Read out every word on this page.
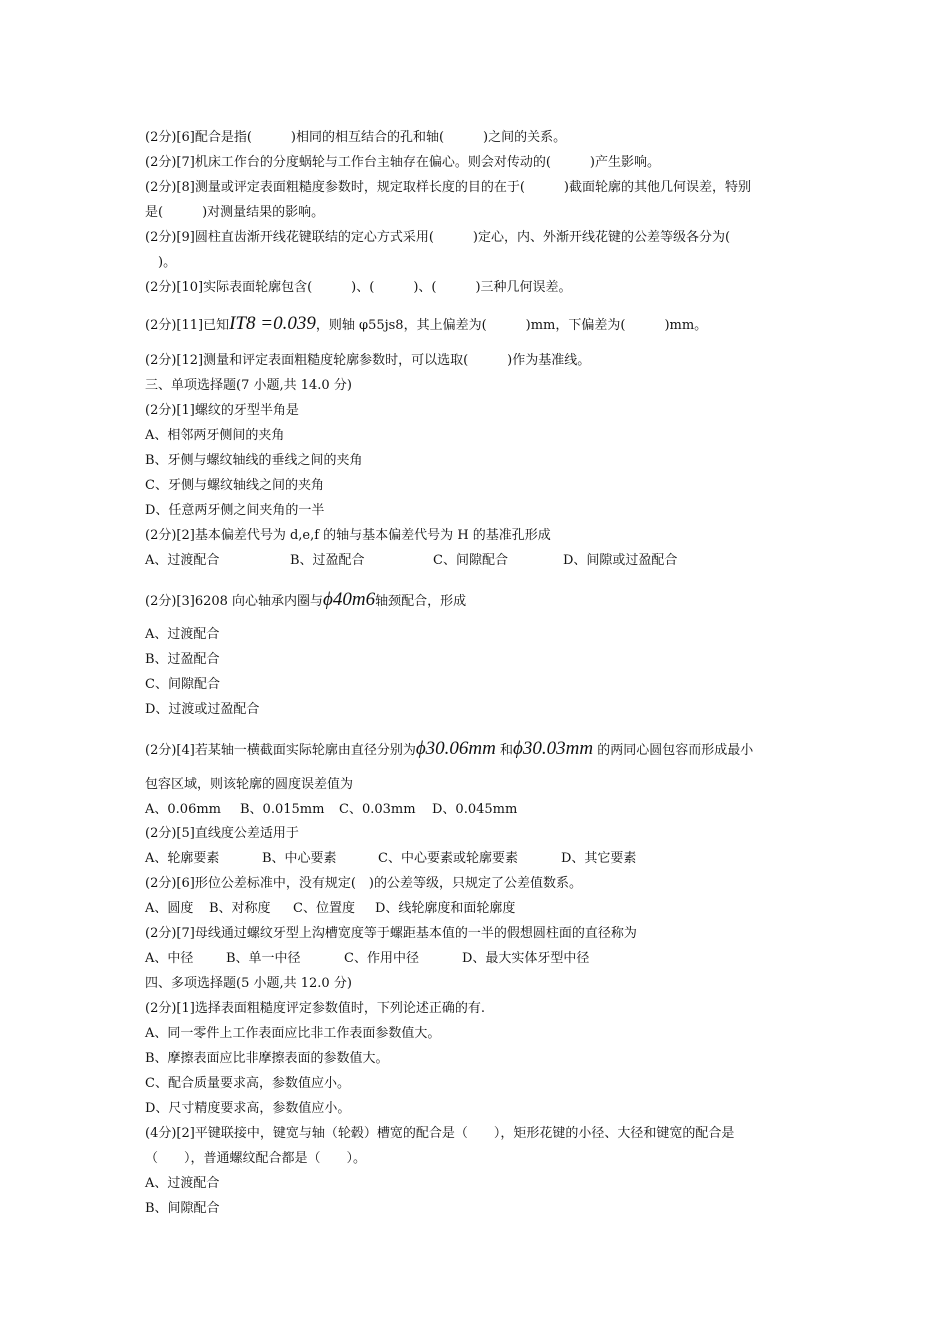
(2分)[6]配合是指(　　　)相同的相互结合的孔和轴(　　　)之间的关系。
(2分)[7]机床工作台的分度蜗轮与工作台主轴存在偏心。则会对传动的(　　　)产生影响。
(2分)[8]测量或评定表面粗糙度参数时，规定取样长度的目的在于(　　　)截面轮廓的其他几何误差，特别
是(　　　)对测量结果的影响。
(2分)[9]圆柱直齿渐开线花键联结的定心方式采用(　　　)定心，内、外渐开线花键的公差等级各分为(
　)。
(2分)[10]实际表面轮廓包含(　　　)、(　　　)、(　　　)三种几何误差。
(2分)[11]已知IT8 =0.039，则轴 φ55js8，其上偏差为(　　　)mm，下偏差为(　　　)mm。
(2分)[12]测量和评定表面粗糙度轮廓参数时，可以选取(　　　)作为基准线。
三、单项选择题(7 小题,共 14.0 分)
(2分)[1]螺纹的牙型半角是
A、相邻两牙侧间的夹角
B、牙侧与螺纹轴线的垂线之间的夹角
C、牙侧与螺纹轴线之间的夹角
D、任意两牙侧之间夹角的一半
(2分)[2]基本偏差代号为 d,e,f 的轴与基本偏差代号为 H 的基准孔形成
A、过渡配合	B、过盈配合	C、间隙配合	D、间隙或过盈配合
(2分)[3]6208 向心轴承内圈与ϕ40m6轴颈配合，形成
A、过渡配合
B、过盈配合
C、间隙配合
D、过渡或过盈配合
(2分)[4]若某轴一横截面实际轮廓由直径分别为ϕ30.06mm 和ϕ30.03mm 的两同心圆包容而形成最小
包容区域，则该轮廓的圆度误差值为
A、0.06mm B、0.015mm C、0.03mm D、0.045mm
(2分)[5]直线度公差适用于
A、轮廓要素	B、中心要素	C、中心要素或轮廓要素	D、其它要素
(2分)[6]形位公差标准中，没有规定(　)的公差等级，只规定了公差值数系。
A、圆度 B、对称度 C、位置度 D、线轮廓度和面轮廓度
(2分)[7]母线通过螺纹牙型上沟槽宽度等于螺距基本值的一半的假想圆柱面的直径称为
A、中径	B、单一中径	C、作用中径	D、最大实体牙型中径
四、多项选择题(5 小题,共 12.0 分)
(2分)[1]选择表面粗糙度评定参数值时，下列论述正确的有.
A、同一零件上工作表面应比非工作表面参数值大。
B、摩擦表面应比非摩擦表面的参数值大。
C、配合质量要求高，参数值应小。
D、尺寸精度要求高，参数值应小。
(4分)[2]平键联接中，键宽与轴（轮毂）槽宽的配合是（　　），矩形花键的小径、大径和键宽的配合是
（　　），普通螺纹配合都是（　　）。
A、过渡配合
B、间隙配合
